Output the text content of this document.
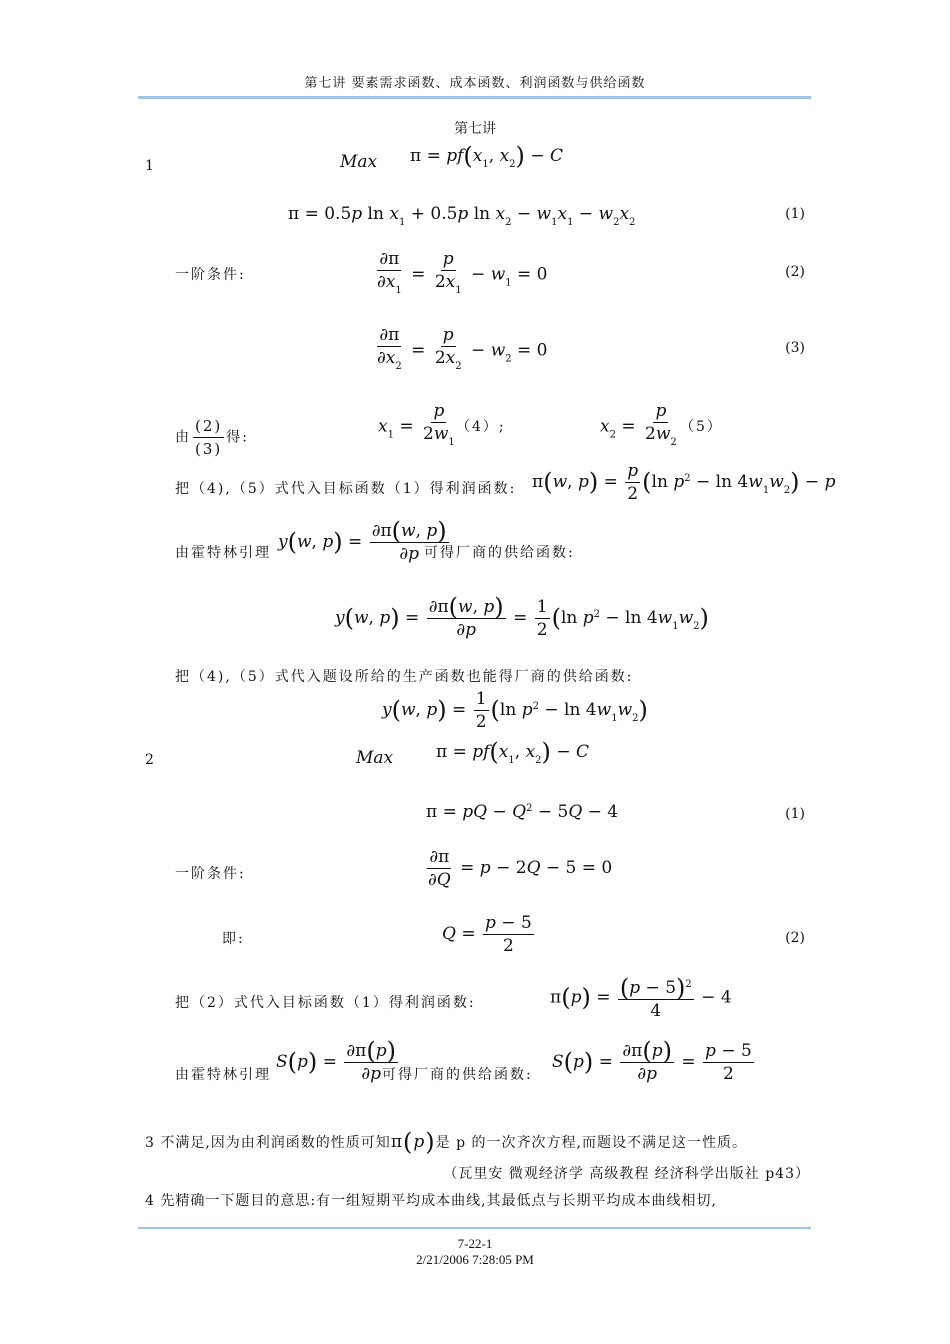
第七讲 要素需求函数、成本函数、利润函数与供给函数
第七讲
1	Max $\pi = pf(x_1$, $x_2) - C$
π = 0.5p $\ln x_1 + 0.5p$ $\ln x_2 - w_1x_1 - w_2x_2$
(1)
一阶条件:	$\frac{\partial\pi}{\partial x_1} = \frac{p}{2x_1} - w_1 = 0$	(2)
$\frac{\partial\pi}{\partial x_2} = \frac{p}{2x_2} - w_2 = 0$	(3)
由 $\frac{(2)}{(3)}$ 得:
$x_1 = \frac{p}{2w_1} (4)$;	$x_2 = \frac{p}{2w_2} (5)$
把（4),（5）式代入目标函数（1）得利润函数: π(w, $p) = \frac{p}{2} (\ln$ $p^2 - \ln 4w_1w_2) - p$
由霍特林引理
y(w, $p) = \frac{\partial\pi(w, p)}{\partial p}$
可得厂商的供给函数:
y(w, $p) = \frac{\partial\pi(w, p)}{\partial p} = \frac{1}{2} (\ln$ $p^2 - \ln 4w_1w_2$)
把（4),（5）式代入题设所给的生产函数也能得厂商的供给函数:
y(w, $p) = \frac{1}{2} (\ln$ $p^2 - \ln 4w_1w_2$)
2	Max	$\pi = pf(x_1$, $x_2) - C$
π = pQ − $Q^2 - 5Q - 4$	(1)
一阶条件:	$\frac{\partial\pi}{\partial Q} = p - 2Q - 5 = 0$
即:	$Q = \frac{p - 5}{2}$	(2)
把（2）式代入目标函数（1）得利润函数:	$\pi(p) = \frac{(p - 5)^2}{4} - 4$
由霍特林引理
$S(p) = \frac{\partial\pi(p)}{\partial p}$
可得厂商的供给函数:
$S(p) = \frac{\partial\pi(p)}{\partial p} = \frac{p - 5}{2}$
3 不满足,因为由利润函数的性质可知π(p)是 p 的一次齐次方程,而题设不满足这一性质。
（瓦里安 微观经济学 高级教程 经济科学出版社 p43）
4 先精确一下题目的意思:有一组短期平均成本曲线,其最低点与长期平均成本曲线相切,
7-22-1
2/21/2006 7:28:05 PM
